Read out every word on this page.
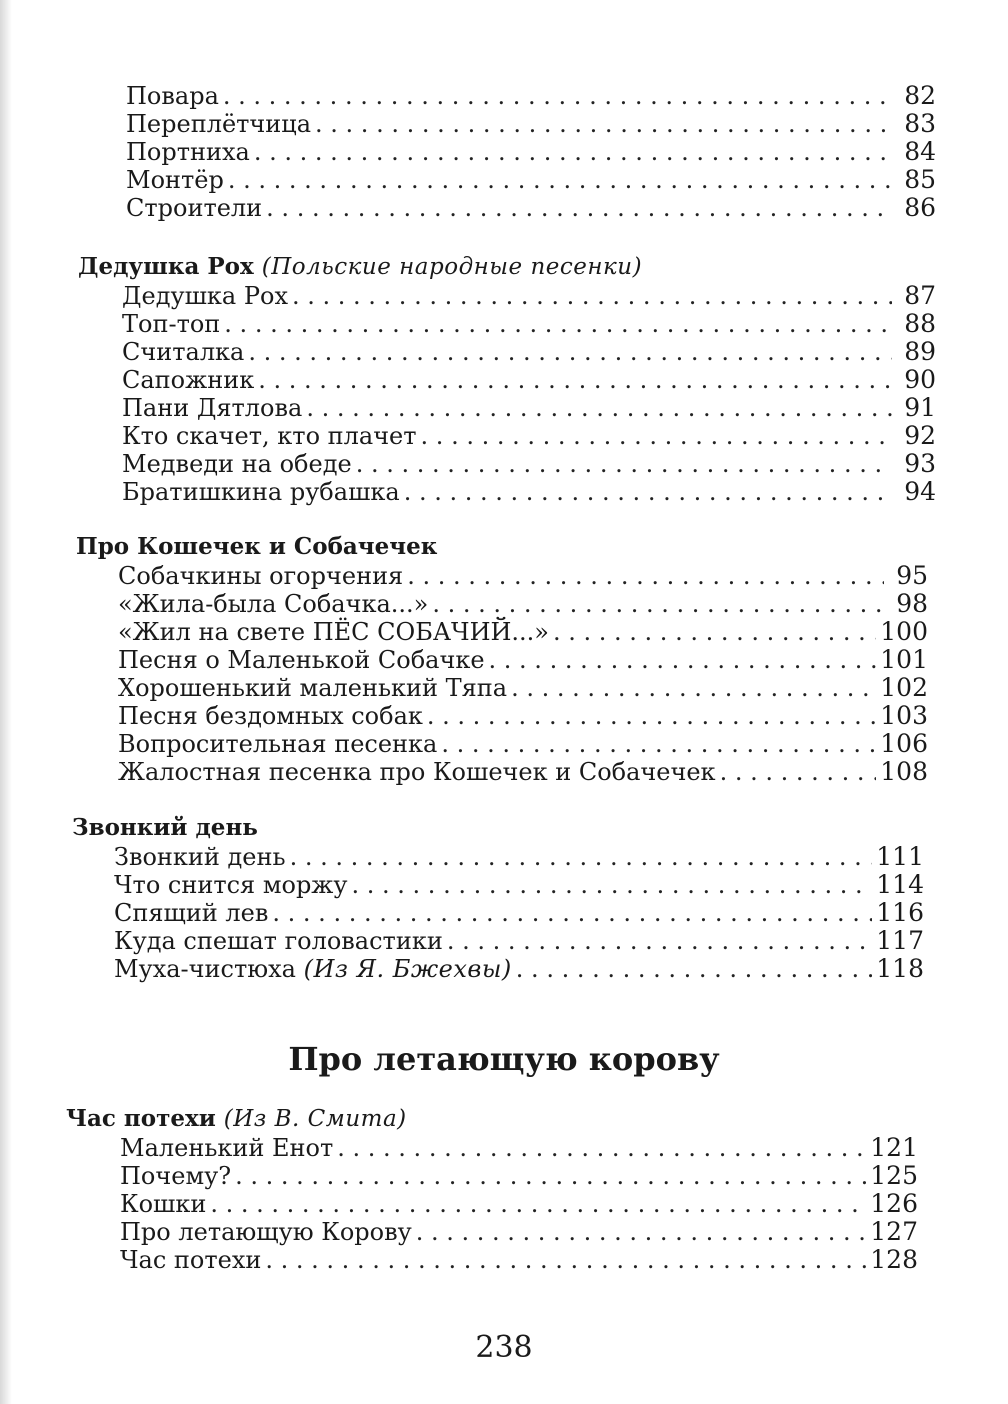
Повара . . .	82
Переплётчица . . .	83
Портниха . . .	84
Монтёр . . .	85
Строители . . .	86
Дедушка Рох (Польские народные песенки)
Дедушка Рох . . .	87
Топ-топ . . .	88
Считалка . . .	89
Сапожник . . .	90
Пани Дятлова . . .	91
Кто скачет, кто плачет . . .	92
Медведи на обеде . . .	93
Братишкина рубашка . . .	94
Про Кошечек и Собачечек
Собачкины огорчения . . .	95
«Жила-была Собачка...» . . .	98
«Жил на свете ПЁС СОБАЧИЙ...» . . .	100
Песня о Маленькой Собачке . . .	101
Хорошенький маленький Тяпа . . .	102
Песня бездомных собак . . .	103
Вопросительная песенка . . .	106
Жалостная песенка про Кошечек и Собачечек . . .	108
Звонкий день
Звонкий день . . .	111
Что снится моржу . . .	114
Спящий лев . . .	116
Куда спешат головастики . . .	117
Муха-чистюха (Из Я. Бжехвы) . . .	118
Про летающую корову
Час потехи (Из В. Смита)
Маленький Енот . . .	121
Почему? . . .	125
Кошки . . .	126
Про летающую Корову . . .	127
Час потехи . . .	128
238
